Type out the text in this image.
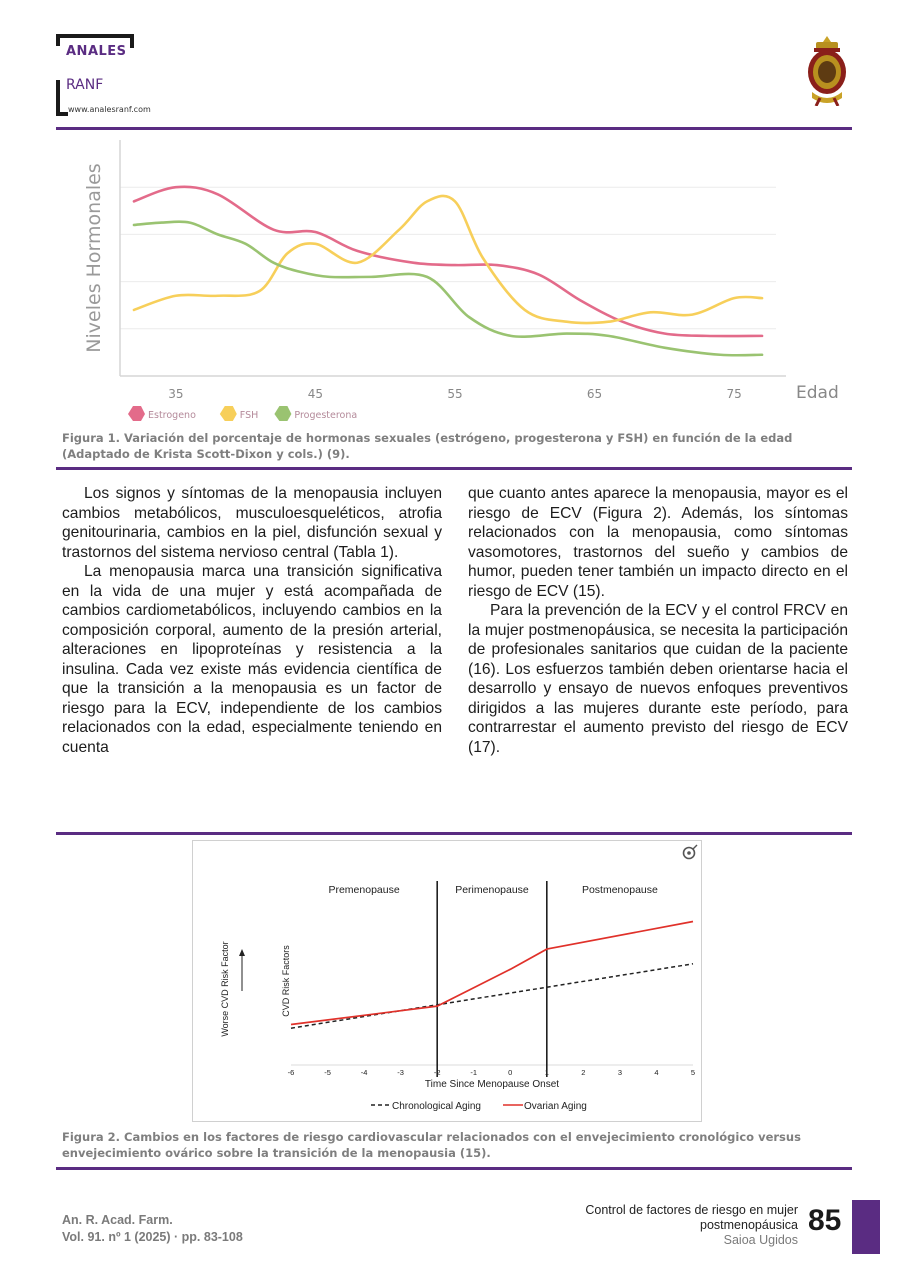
ANALES
RANF
www.analesranf.com
Niveles Hormonales
35	45	55	65	75	Edad
Estrogeno	FSH	Progesterona
Figura 1. Variación del porcentaje de hormonas sexuales (estrógeno, progesterona y FSH) en función de la edad (Adaptado de Krista Scott-Dixon y cols.) (9).

Los signos y síntomas de la menopausia incluyen cambios metabólicos, musculoesqueléticos, atrofia genitourinaria, cambios en la piel, disfunción sexual y trastornos del sistema nervioso central (Tabla 1).

La menopausia marca una transición significativa en la vida de una mujer y está acompañada de cambios cardiometabólicos, incluyendo cambios en la composición corporal, aumento de la presión arterial, alteraciones en lipoproteínas y resistencia a la insulina. Cada vez existe más evidencia científica de que la transición a la menopausia es un factor de riesgo para la ECV, independiente de los cambios relacionados con la edad, especialmente teniendo en cuenta

que cuanto antes aparece la menopausia, mayor es el riesgo de ECV (Figura 2). Además, los síntomas relacionados con la menopausia, como síntomas vasomotores, trastornos del sueño y cambios de humor, pueden tener también un impacto directo en el riesgo de ECV (15).

Para la prevención de la ECV y el control FRCV en la mujer postmenopáusica, se necesita la participación de profesionales sanitarios que cuidan de la paciente (16). Los esfuerzos también deben orientarse hacia el desarrollo y ensayo de nuevos enfoques preventivos dirigidos a las mujeres durante este período, para contrarrestar el aumento previsto del riesgo de ECV (17).

Premenopause	Perimenopause	Postmenopause
CVD Risk Factors
Worse CVD Risk Factor
-6	-5	-4	-3	-2	-1	0	1	2	3	4	5
Time Since Menopause Onset
Chronological Aging	Ovarian Aging
Figura 2. Cambios en los factores de riesgo cardiovascular relacionados con el envejecimiento cronológico versus envejecimiento ovárico sobre la transición de la menopausia (15).
An. R. Acad. Farm.
Vol. 91. nº 1 (2025) · pp. 83-108
Control de factores de riesgo en mujer
postmenopáusica
Saioa Ugidos
85
